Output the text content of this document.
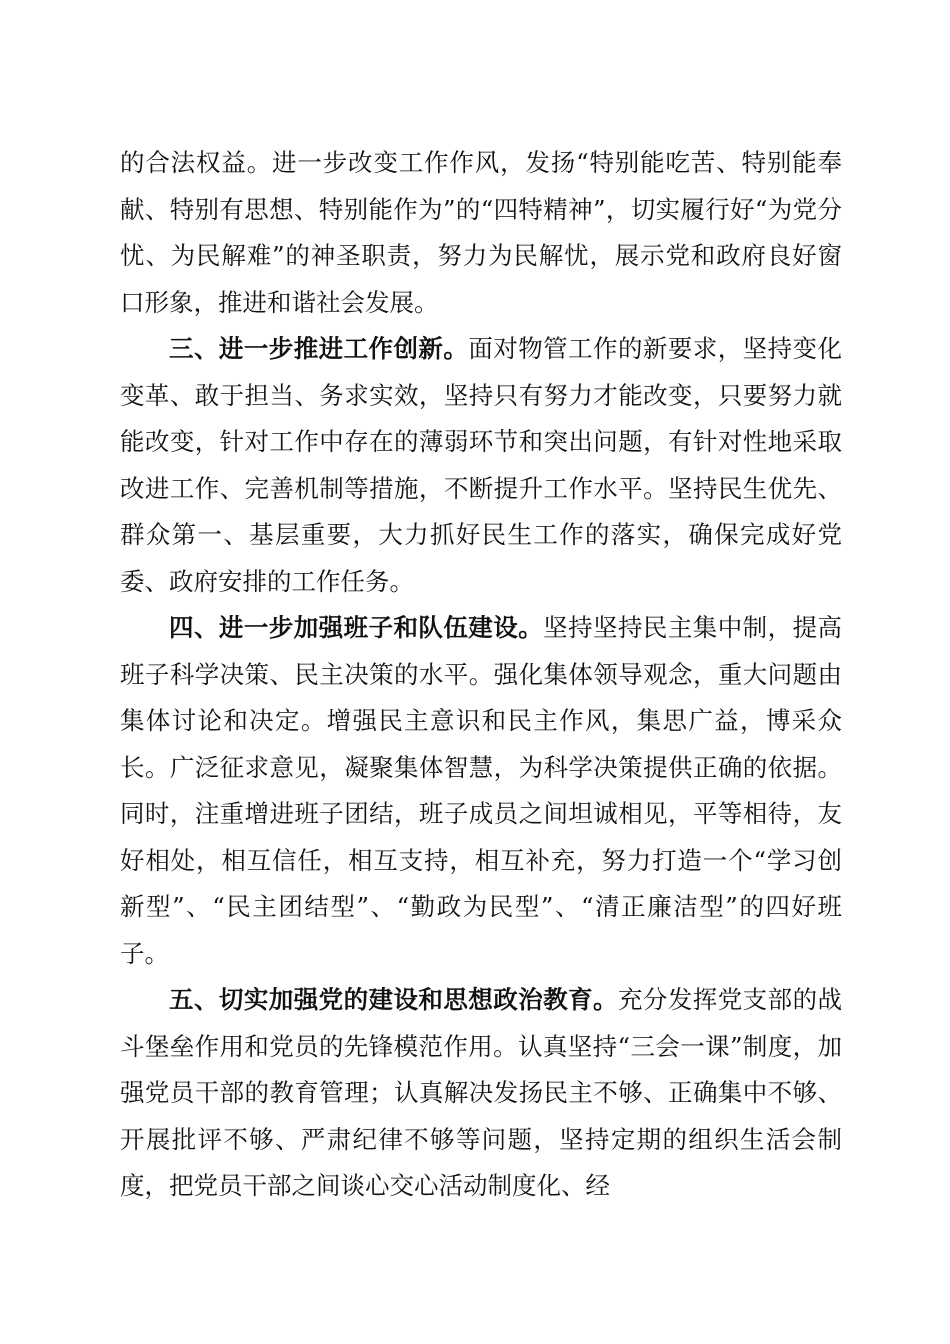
的合法权益。进一步改变工作作风，发扬“特别能吃苦、特别能奉献、特别有思想、特别能作为”的“四特精神”，切实履行好“为党分忧、为民解难”的神圣职责，努力为民解忧，展示党和政府良好窗口形象，推进和谐社会发展。

三、进一步推进工作创新。面对物管工作的新要求，坚持变化变革、敢于担当、务求实效，坚持只有努力才能改变，只要努力就能改变，针对工作中存在的薄弱环节和突出问题，有针对性地采取改进工作、完善机制等措施，不断提升工作水平。坚持民生优先、群众第一、基层重要，大力抓好民生工作的落实，确保完成好党委、政府安排的工作任务。

四、进一步加强班子和队伍建设。坚持坚持民主集中制，提高班子科学决策、民主决策的水平。强化集体领导观念，重大问题由集体讨论和决定。增强民主意识和民主作风，集思广益，博采众长。广泛征求意见，凝聚集体智慧，为科学决策提供正确的依据。同时，注重增进班子团结，班子成员之间坦诚相见，平等相待，友好相处，相互信任，相互支持，相互补充，努力打造一个“学习创新型”、“民主团结型”、“勤政为民型”、“清正廉洁型”的四好班子。

五、切实加强党的建设和思想政治教育。充分发挥党支部的战斗堡垒作用和党员的先锋模范作用。认真坚持“三会一课”制度，加强党员干部的教育管理；认真解决发扬民主不够、正确集中不够、开展批评不够、严肃纪律不够等问题，坚持定期的组织生活会制度，把党员干部之间谈心交心活动制度化、经
